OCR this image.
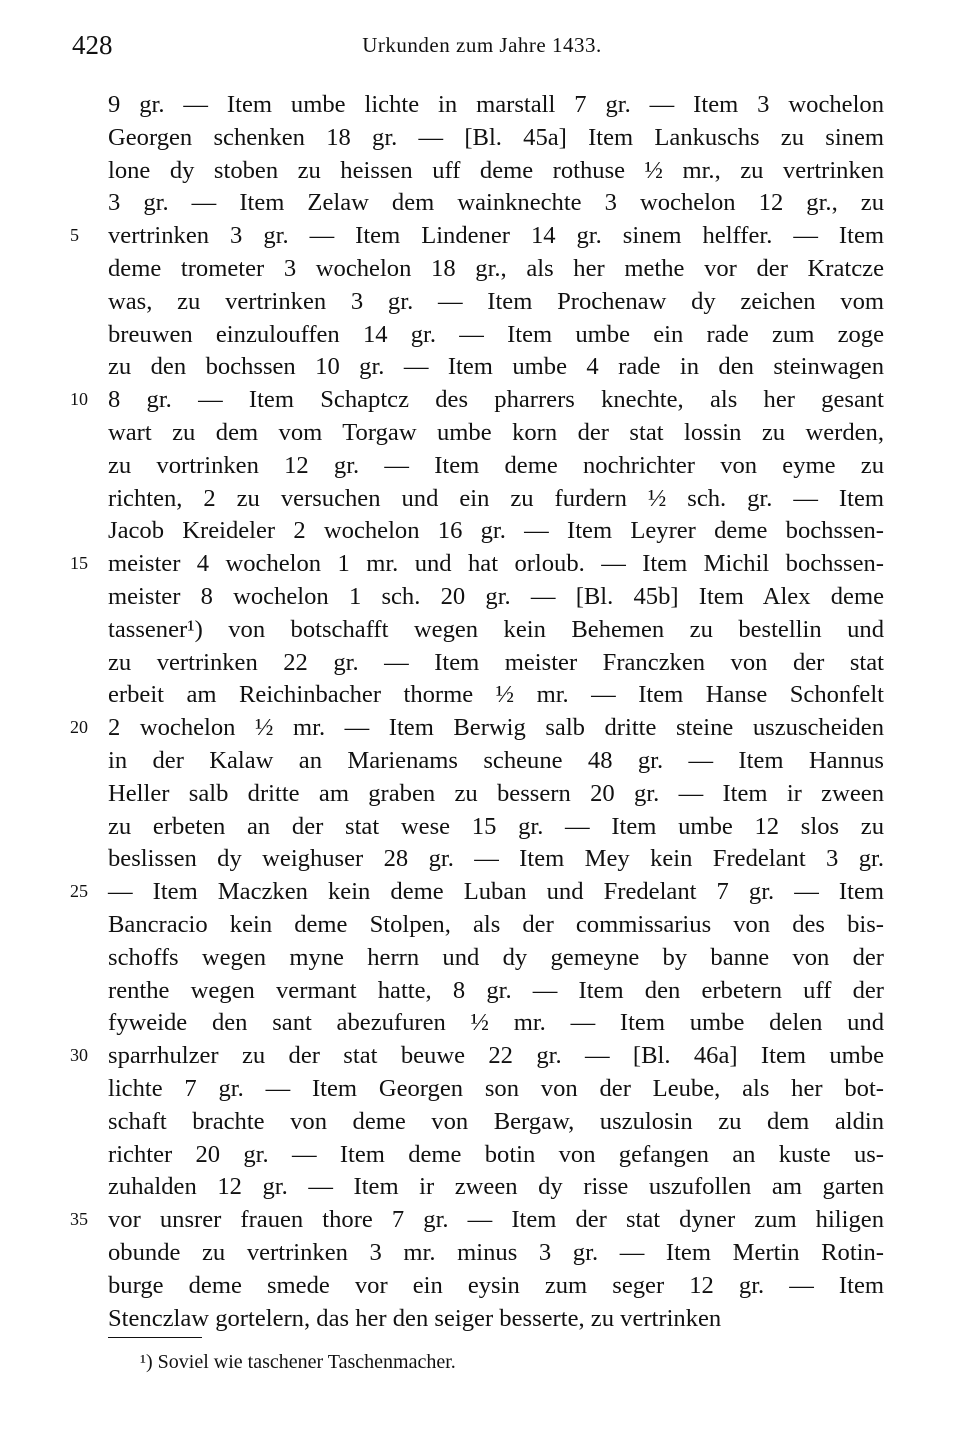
428	Urkunden zum Jahre 1433.
9 gr. — Item umbe lichte in marstall 7 gr. — Item 3 wochelon
Georgen schenken 18 gr. — [Bl. 45a] Item Lankuschs zu sinem
lone dy stoben zu heissen uff deme rothuse ½ mr., zu vertrinken
3 gr. — Item Zelaw dem wainknechte 3 wochelon 12 gr., zu
vertrinken 3 gr. — Item Lindener 14 gr. sinem helffer. — Item
5
deme trometer 3 wochelon 18 gr., als her methe vor der Kratcze
was, zu vertrinken 3 gr. — Item Prochenaw dy zeichen vom
breuwen einzulouffen 14 gr. — Item umbe ein rade zum zoge
zu den bochssen 10 gr. — Item umbe 4 rade in den steinwagen
8 gr. — Item Schaptcz des pharrers knechte, als her gesant
10
wart zu dem vom Torgaw umbe korn der stat lossin zu werden,
zu vortrinken 12 gr. — Item deme nochrichter von eyme zu
richten, 2 zu versuchen und ein zu furdern ½ sch. gr. — Item
Jacob Kreideler 2 wochelon 16 gr. — Item Leyrer deme bochssen-
meister 4 wochelon 1 mr. und hat orloub. — Item Michil bochssen-
15
meister 8 wochelon 1 sch. 20 gr. — [Bl. 45b] Item Alex deme
tassener¹) von botschafft wegen kein Behemen zu bestellin und
zu vertrinken 22 gr. — Item meister Franczken von der stat
erbeit am Reichinbacher thorme ½ mr. — Item Hanse Schonfelt
2 wochelon ½ mr. — Item Berwig salb dritte steine uszuscheiden
20
in der Kalaw an Marienams scheune 48 gr. — Item Hannus
Heller salb dritte am graben zu bessern 20 gr. — Item ir zween
zu erbeten an der stat wese 15 gr. — Item umbe 12 slos zu
beslissen dy weighuser 28 gr. — Item Mey kein Fredelant 3 gr.
— Item Maczken kein deme Luban und Fredelant 7 gr. — Item
25
Bancracio kein deme Stolpen, als der commissarius von des bis-
schoffs wegen myne herrn und dy gemeyne by banne von der
renthe wegen vermant hatte, 8 gr. — Item den erbetern uff der
fyweide den sant abezufuren ½ mr. — Item umbe delen und
sparrhulzer zu der stat beuwe 22 gr. — [Bl. 46a] Item umbe
30
lichte 7 gr. — Item Georgen son von der Leube, als her bot-
schaft brachte von deme von Bergaw, uszulosin zu dem aldin
richter 20 gr. — Item deme botin von gefangen an kuste us-
zuhalden 12 gr. — Item ir zween dy risse uszufollen am garten
vor unsrer frauen thore 7 gr. — Item der stat dyner zum hiligen
35
obunde zu vertrinken 3 mr. minus 3 gr. — Item Mertin Rotin-
burge deme smede vor ein eysin zum seger 12 gr. — Item
Stenczlaw gortelern, das her den seiger besserte, zu vertrinken
¹) Soviel wie taschener Taschenmacher.
